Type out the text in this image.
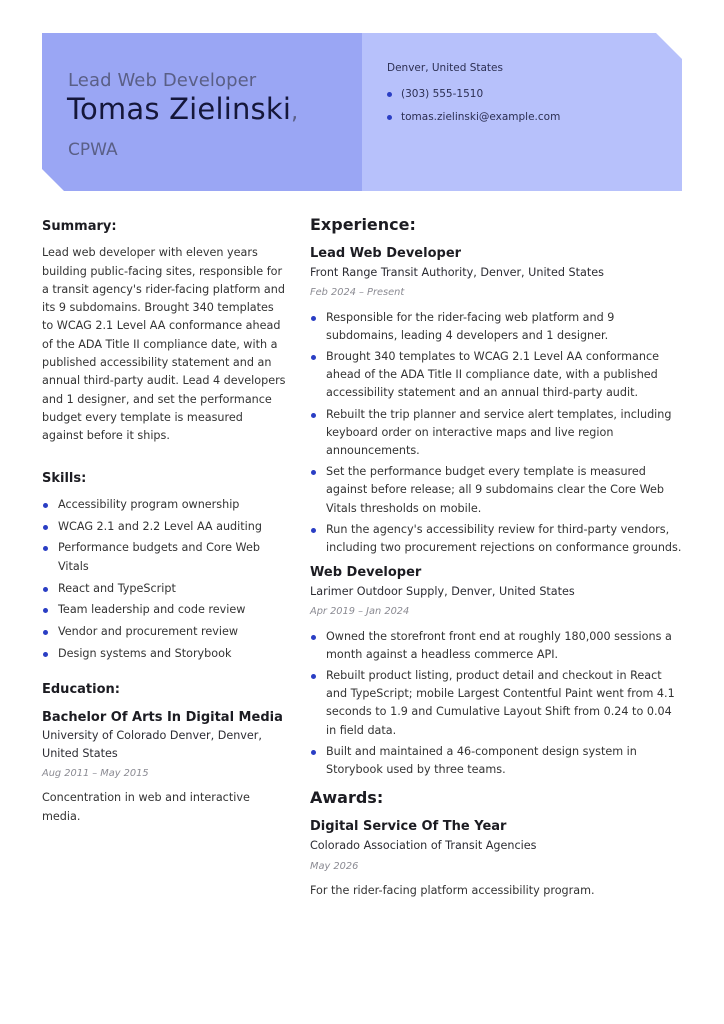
Lead Web Developer
Tomas Zielinski,
CPWA
Denver, United States
(303) 555-1510
tomas.zielinski@example.com
Summary:
Lead web developer with eleven years building public-facing sites, responsible for a transit agency's rider-facing platform and its 9 subdomains. Brought 340 templates to WCAG 2.1 Level AA conformance ahead of the ADA Title II compliance date, with a published accessibility statement and an annual third-party audit. Lead 4 developers and 1 designer, and set the performance budget every template is measured against before it ships.
Skills:
Accessibility program ownership
WCAG 2.1 and 2.2 Level AA auditing
Performance budgets and Core Web Vitals
React and TypeScript
Team leadership and code review
Vendor and procurement review
Design systems and Storybook
Education:
Bachelor Of Arts In Digital Media
University of Colorado Denver, Denver, United States
Aug 2011 – May 2015
Concentration in web and interactive media.
Experience:
Lead Web Developer
Front Range Transit Authority, Denver, United States
Feb 2024 – Present
Responsible for the rider-facing web platform and 9 subdomains, leading 4 developers and 1 designer.
Brought 340 templates to WCAG 2.1 Level AA conformance ahead of the ADA Title II compliance date, with a published accessibility statement and an annual third-party audit.
Rebuilt the trip planner and service alert templates, including keyboard order on interactive maps and live region announcements.
Set the performance budget every template is measured against before release; all 9 subdomains clear the Core Web Vitals thresholds on mobile.
Run the agency's accessibility review for third-party vendors, including two procurement rejections on conformance grounds.
Web Developer
Larimer Outdoor Supply, Denver, United States
Apr 2019 – Jan 2024
Owned the storefront front end at roughly 180,000 sessions a month against a headless commerce API.
Rebuilt product listing, product detail and checkout in React and TypeScript; mobile Largest Contentful Paint went from 4.1 seconds to 1.9 and Cumulative Layout Shift from 0.24 to 0.04 in field data.
Built and maintained a 46-component design system in Storybook used by three teams.
Awards:
Digital Service Of The Year
Colorado Association of Transit Agencies
May 2026
For the rider-facing platform accessibility program.
